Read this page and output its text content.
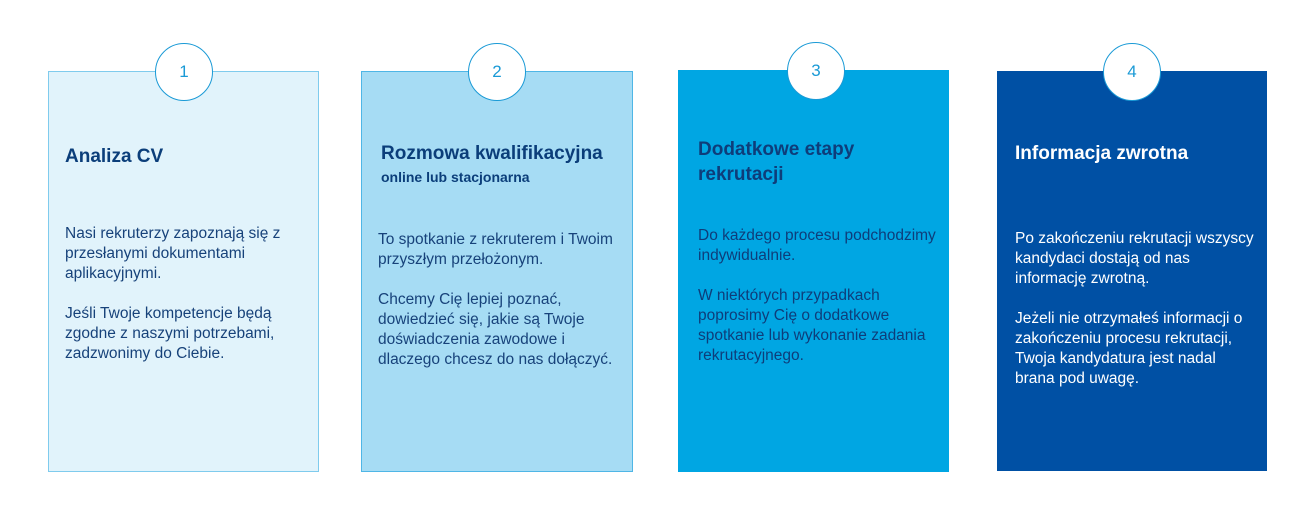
Analiza CV

Nasi rekruterzy zapoznają się z przesłanymi dokumentami aplikacyjnymi.

Jeśli Twoje kompetencje będą zgodne z naszymi potrzebami, zadzwonimy do Ciebie.

Rozmowa kwalifikacyjna
online lub stacjonarna

To spotkanie z rekruterem i Twoim przyszłym przełożonym.

Chcemy Cię lepiej poznać, dowiedzieć się, jakie są Twoje doświadczenia zawodowe i dlaczego chcesz do nas dołączyć.

Dodatkowe etapy rekrutacji

Do każdego procesu podchodzimy indywidualnie.

W niektórych przypadkach poprosimy Cię o dodatkowe spotkanie lub wykonanie zadania rekrutacyjnego.

Informacja zwrotna

Po zakończeniu rekrutacji wszyscy kandydaci dostają od nas informację zwrotną.

Jeżeli nie otrzymałeś informacji o zakończeniu procesu rekrutacji, Twoja kandydatura jest nadal brana pod uwagę.

1	2	3	4
